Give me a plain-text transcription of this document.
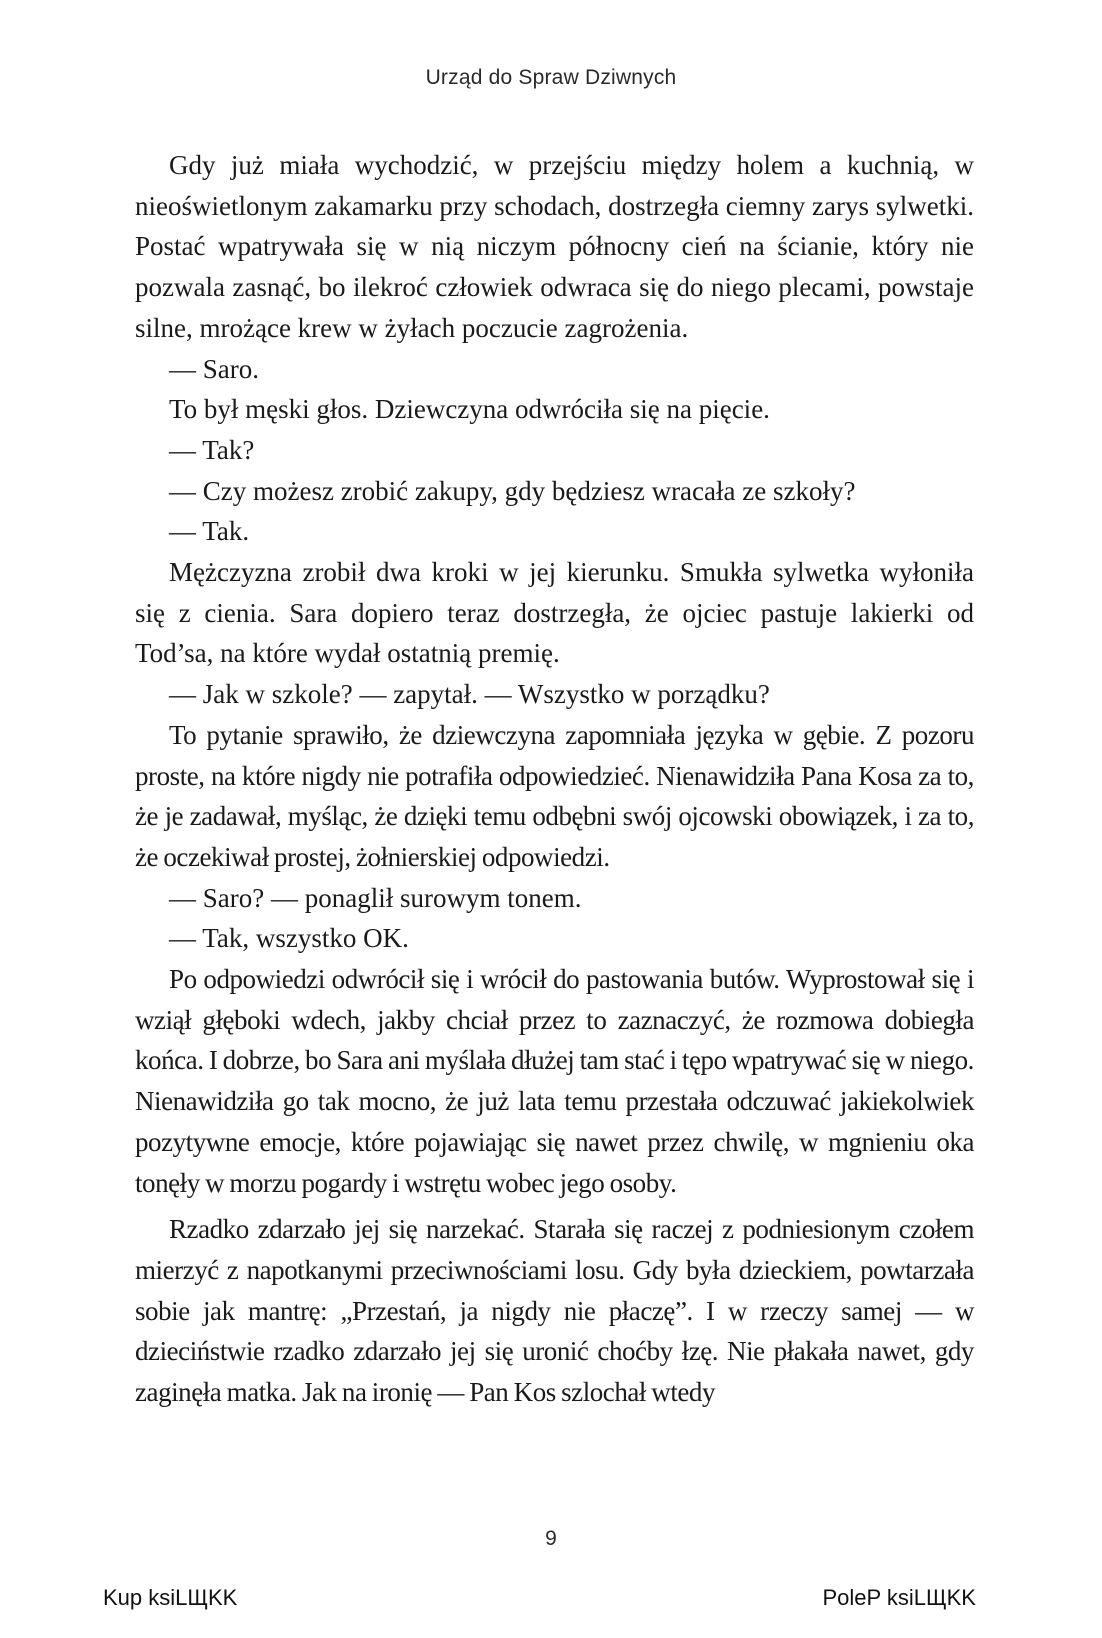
Urząd do Spraw Dziwnych

Gdy już miała wychodzić, w przejściu między holem a kuchnią, w nieoświetlonym zakamarku przy schodach, dostrzegła ciemny zarys sylwetki. Postać wpatrywała się w nią niczym północny cień na ścianie, który nie pozwala zasnąć, bo ilekroć człowiek odwraca się do niego plecami, powstaje silne, mrożące krew w żyłach poczucie zagrożenia.

— Saro.

To był męski głos. Dziewczyna odwróciła się na pięcie.

— Tak?

— Czy możesz zrobić zakupy, gdy będziesz wracała ze szkoły?

— Tak.

Mężczyzna zrobił dwa kroki w jej kierunku. Smukła sylwetka wyłoniła się z cienia. Sara dopiero teraz dostrzegła, że ojciec pastuje lakierki od Tod’sa, na które wydał ostatnią premię.

— Jak w szkole? — zapytał. — Wszystko w porządku?

To pytanie sprawiło, że dziewczyna zapomniała języka w gębie. Z pozoru proste, na które nigdy nie potrafiła odpowiedzieć. Nienawidziła Pana Kosa za to, że je zadawał, myśląc, że dzięki temu odbębni swój ojcowski obowiązek, i za to, że oczekiwał prostej, żołnierskiej odpowiedzi.

— Saro? — ponaglił surowym tonem.

— Tak, wszystko OK.

Po odpowiedzi odwrócił się i wrócił do pastowania butów. Wyprostował się i wziął głęboki wdech, jakby chciał przez to zaznaczyć, że rozmowa dobiegła końca. I dobrze, bo Sara ani myślała dłużej tam stać i tępo wpatrywać się w niego. Nienawidziła go tak mocno, że już lata temu przestała odczuwać jakiekolwiek pozytywne emocje, które pojawiając się nawet przez chwilę, w mgnieniu oka tonęły w morzu pogardy i wstrętu wobec jego osoby.

Rzadko zdarzało jej się narzekać. Starała się raczej z podniesionym czołem mierzyć z napotkanymi przeciwnościami losu. Gdy była dzieckiem, powtarzała sobie jak mantrę: „Przestań, ja nigdy nie płaczę”. I w rzeczy samej — w dzieciństwie rzadko zdarzało jej się uronić choćby łzę. Nie płakała nawet, gdy zaginęła matka. Jak na ironię — Pan Kos szlochał wtedy

9
Kup ksiLЩKK	PoleP ksiLЩKK
